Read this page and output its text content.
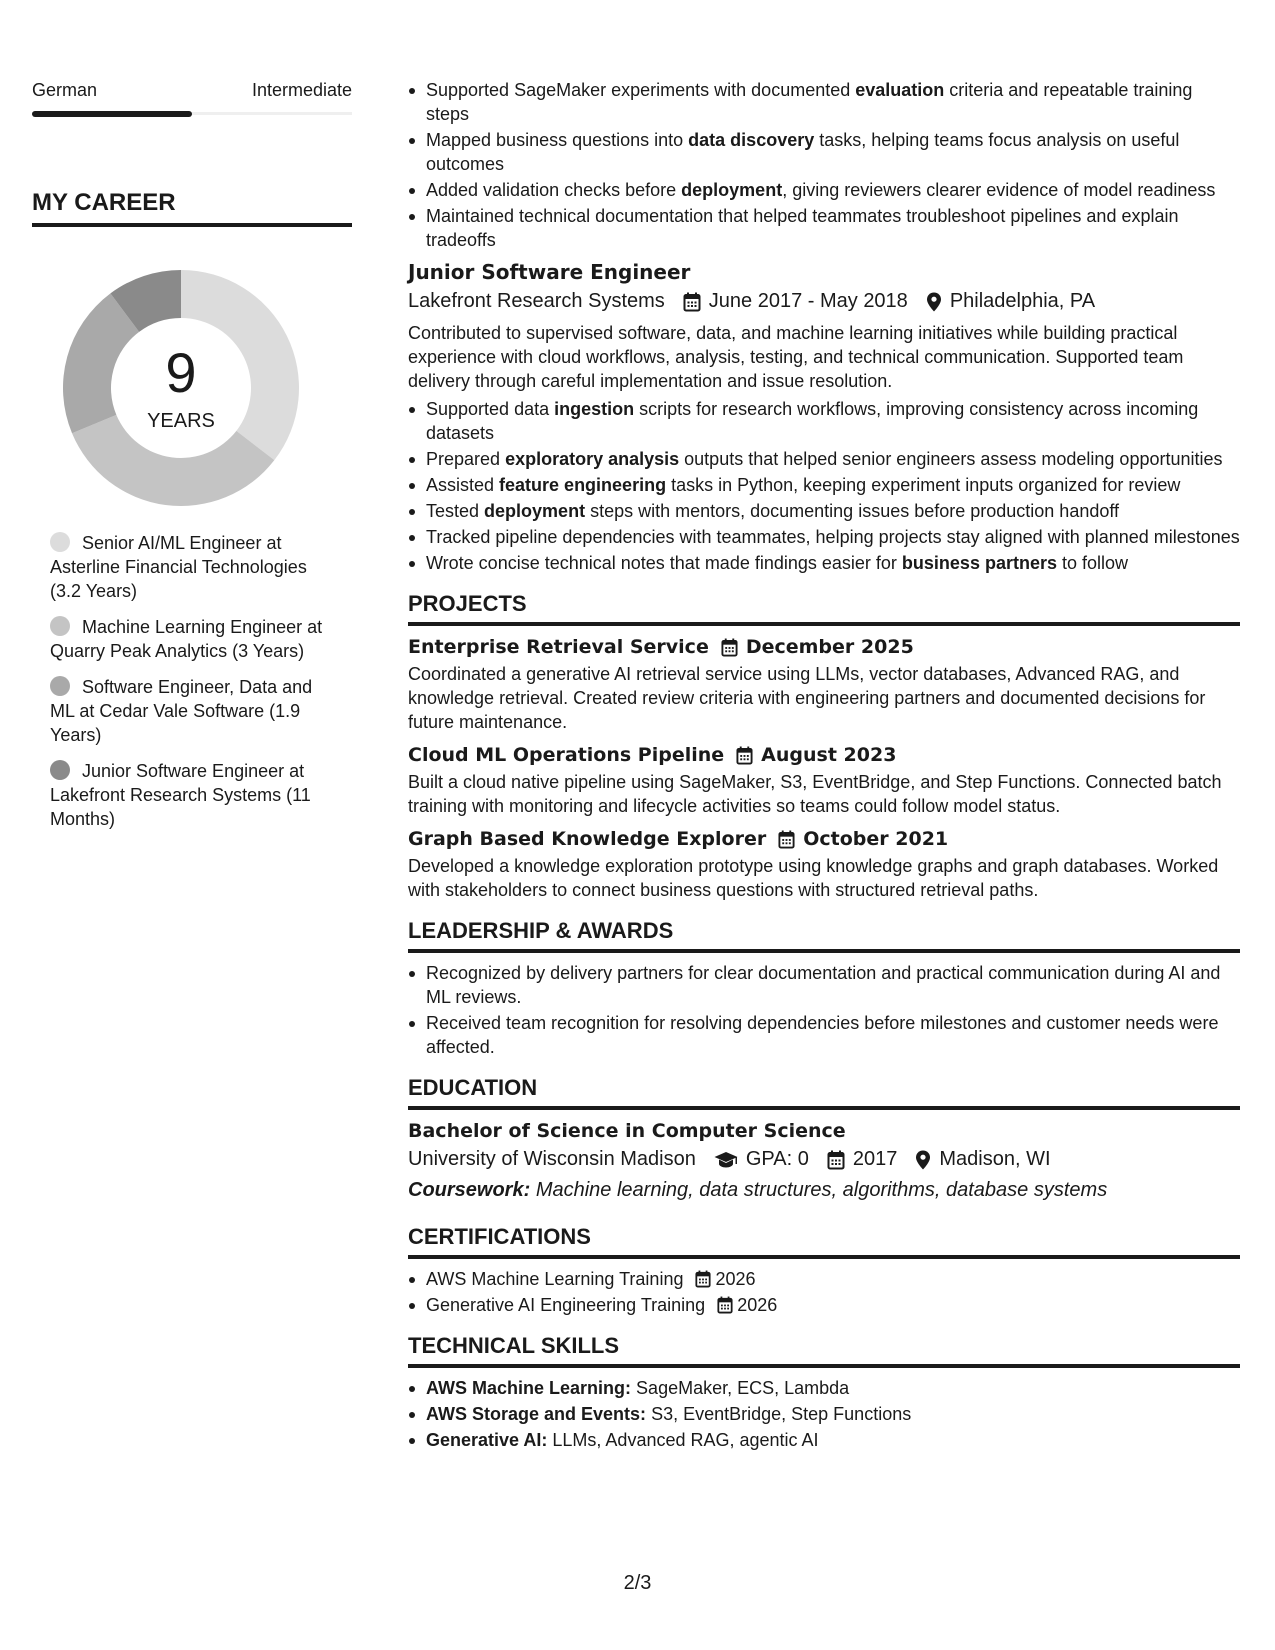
German	Intermediate
MY CAREER
9
YEARS
Senior AI/ML Engineer at Asterline Financial Technologies (3.2 Years)
Machine Learning Engineer at Quarry Peak Analytics (3 Years)
Software Engineer, Data and ML at Cedar Vale Software (1.9 Years)
Junior Software Engineer at Lakefront Research Systems (11 Months)
Supported SageMaker experiments with documented evaluation criteria and repeatable training steps
Mapped business questions into data discovery tasks, helping teams focus analysis on useful outcomes
Added validation checks before deployment, giving reviewers clearer evidence of model readiness
Maintained technical documentation that helped teammates troubleshoot pipelines and explain tradeoffs
Junior Software Engineer
Lakefront Research Systems June 2017 - May 2018 Philadelphia, PA
Contributed to supervised software, data, and machine learning initiatives while building practical experience with cloud workflows, analysis, testing, and technical communication. Supported team delivery through careful implementation and issue resolution.
Supported data ingestion scripts for research workflows, improving consistency across incoming datasets
Prepared exploratory analysis outputs that helped senior engineers assess modeling opportunities
Assisted feature engineering tasks in Python, keeping experiment inputs organized for review
Tested deployment steps with mentors, documenting issues before production handoff
Tracked pipeline dependencies with teammates, helping projects stay aligned with planned milestones
Wrote concise technical notes that made findings easier for business partners to follow
PROJECTS
Enterprise Retrieval Service December 2025
Coordinated a generative AI retrieval service using LLMs, vector databases, Advanced RAG, and knowledge retrieval. Created review criteria with engineering partners and documented decisions for future maintenance.
Cloud ML Operations Pipeline August 2023
Built a cloud native pipeline using SageMaker, S3, EventBridge, and Step Functions. Connected batch training with monitoring and lifecycle activities so teams could follow model status.
Graph Based Knowledge Explorer October 2021
Developed a knowledge exploration prototype using knowledge graphs and graph databases. Worked with stakeholders to connect business questions with structured retrieval paths.
LEADERSHIP & AWARDS
Recognized by delivery partners for clear documentation and practical communication during AI and ML reviews.
Received team recognition for resolving dependencies before milestones and customer needs were affected.
EDUCATION
Bachelor of Science in Computer Science
University of Wisconsin Madison	GPA: 0 2017 Madison, WI
Coursework: Machine learning, data structures, algorithms, database systems
CERTIFICATIONS
AWS Machine Learning Training 2026
Generative AI Engineering Training 2026
TECHNICAL SKILLS
AWS Machine Learning: SageMaker, ECS, Lambda
AWS Storage and Events: S3, EventBridge, Step Functions
Generative AI: LLMs, Advanced RAG, agentic AI
2/3
